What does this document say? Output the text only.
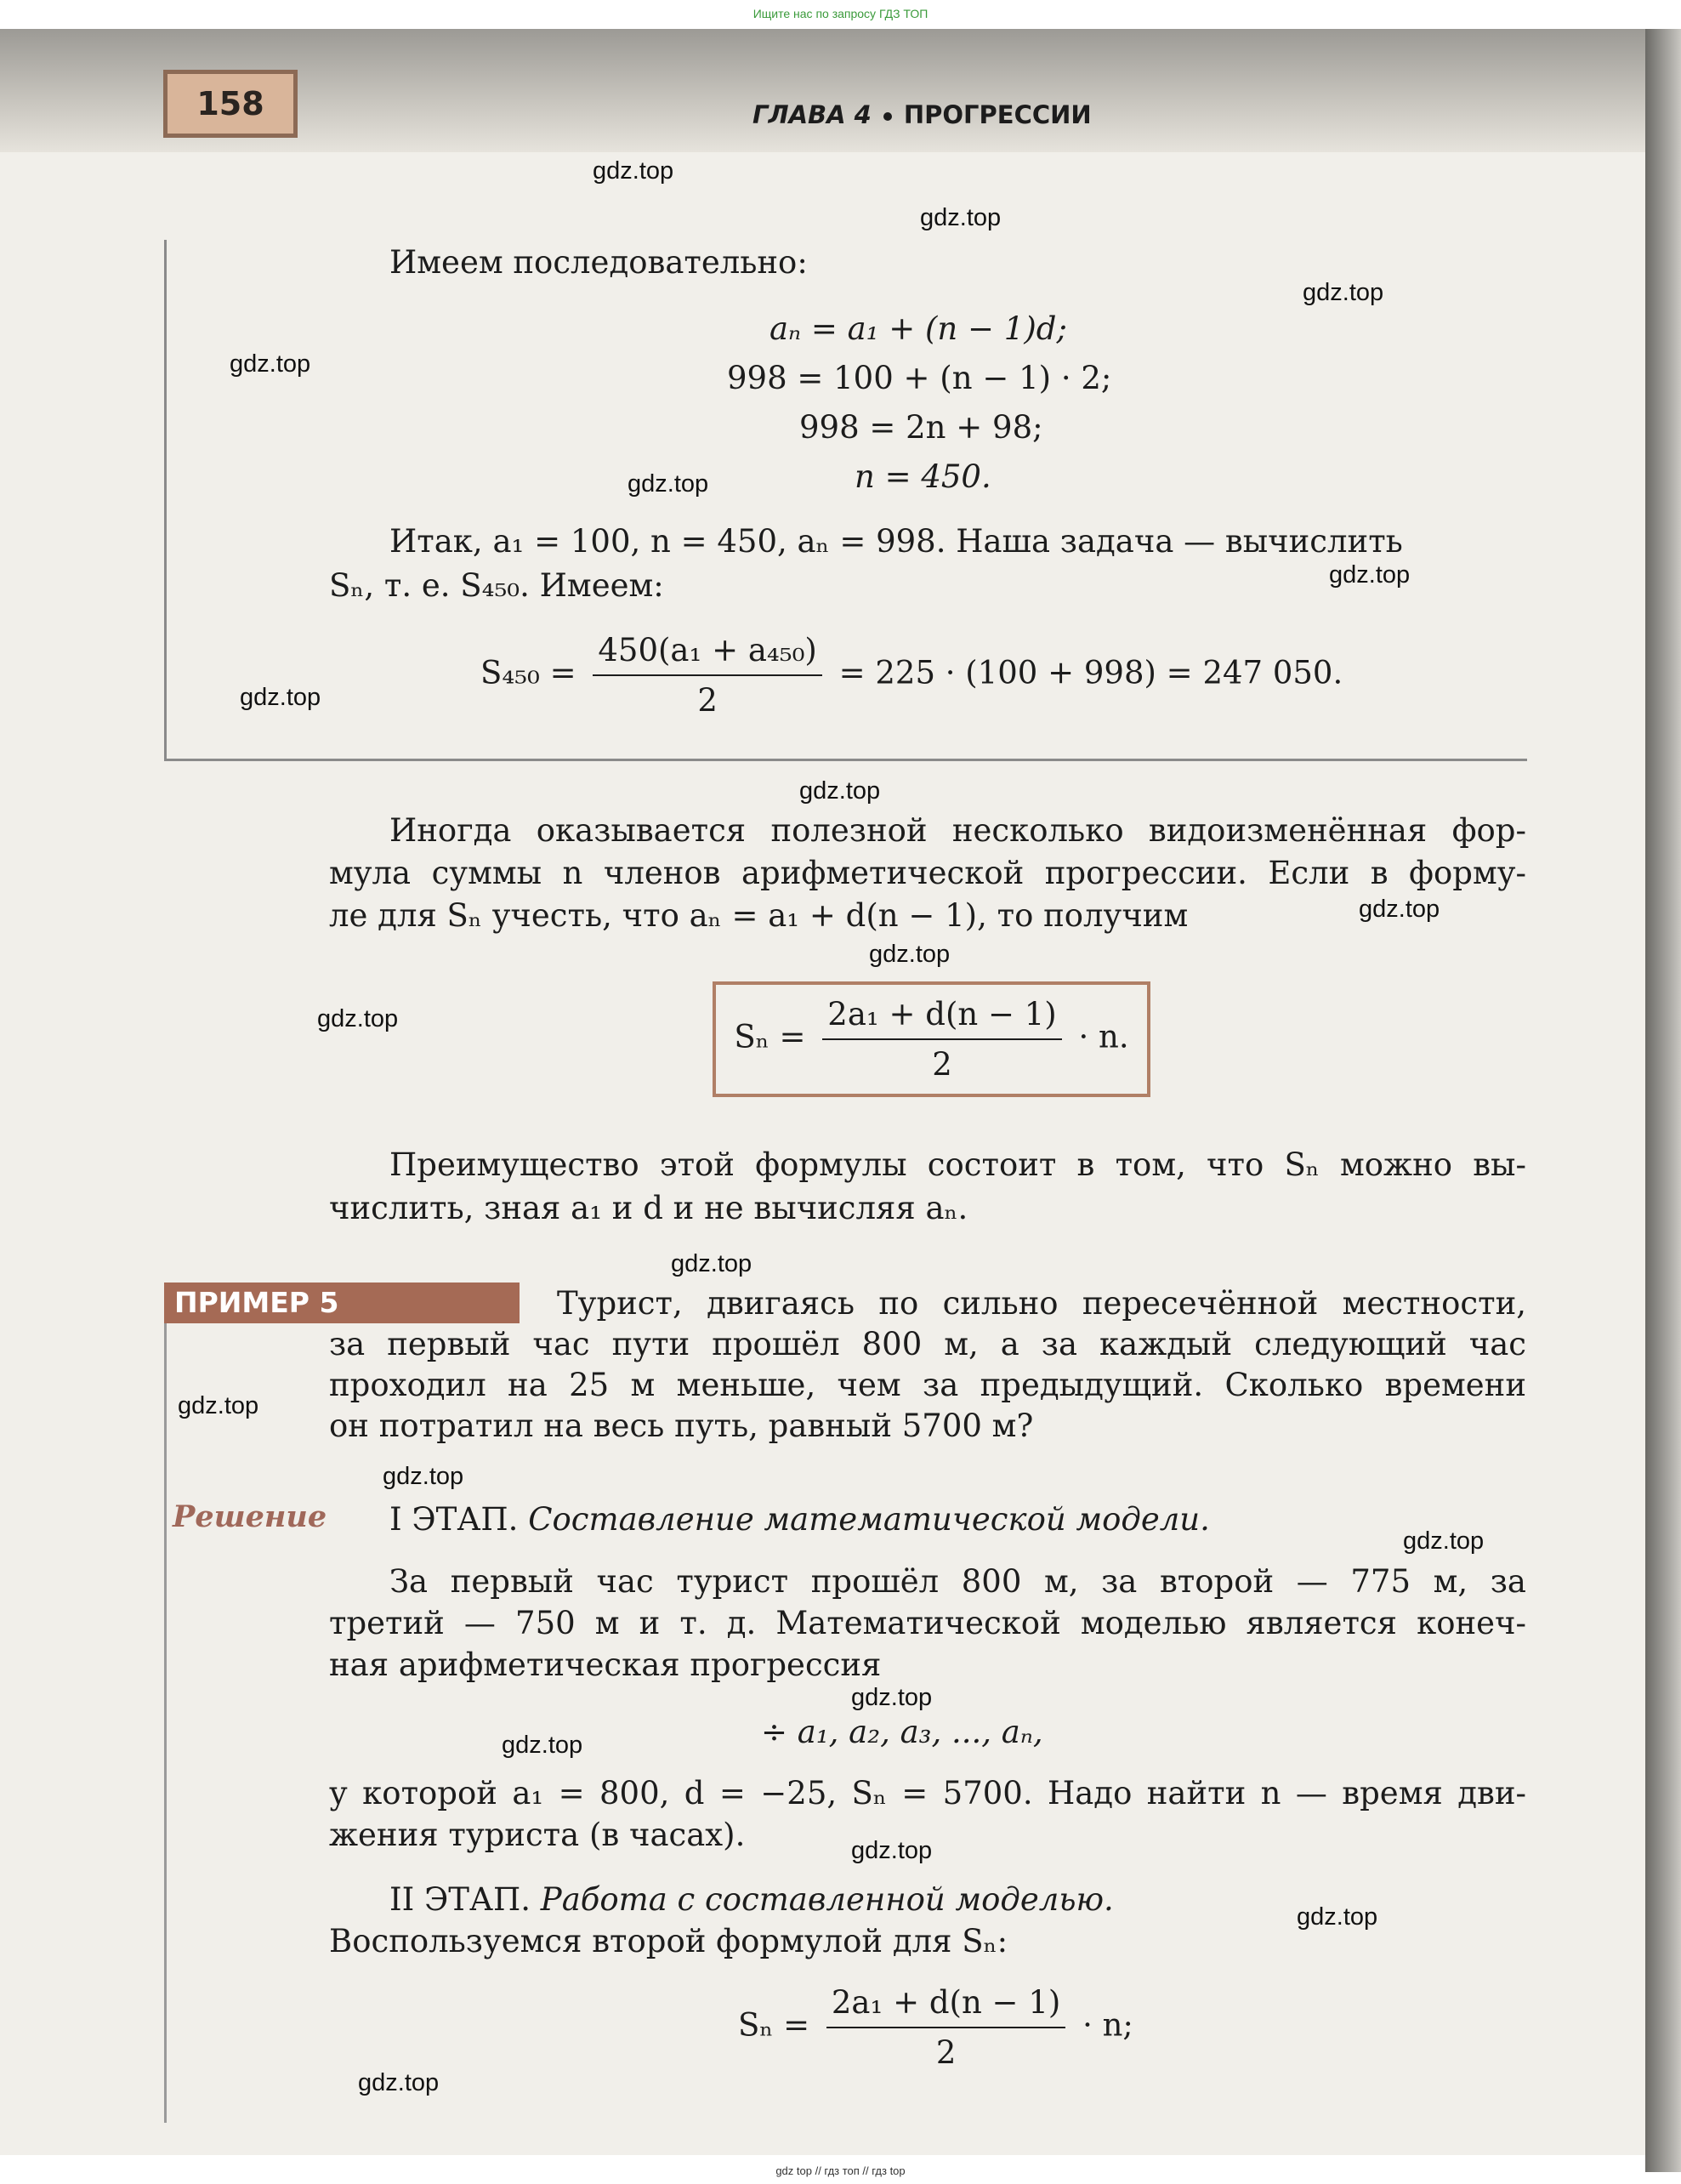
Ищите нас по запросу ГДЗ ТОП
158	ГЛАВА 4 ПРОГРЕССИИ
gdz.top
gdz.top
gdz.top
gdz.top
gdz.top
gdz.top
gdz.top
gdz.top
gdz.top
gdz.top
gdz.top
gdz.top
gdz.top
gdz.top
gdz.top
gdz.top
gdz.top
gdz.top
gdz.top
gdz.top
Имеем последовательно:
aₙ = a₁ + (n − 1)d;
998 = 100 + (n − 1) · 2;
998 = 2n + 98;
n = 450.
Итак, a₁ = 100, n = 450, aₙ = 998. Наша задача — вычислить
Sₙ, т. е. S₄₅₀. Имеем:
$S_{450} = \frac{\text{450(a₁ + a₄₅₀)}}{2} = 225 \cdot (100 + 998) = 247$ 050.
Иногда оказывается полезной несколько видоизменённая фор-
мула суммы n членов арифметической прогрессии. Если в форму-
ле для Sₙ учесть, что aₙ = a₁ + d(n − 1), то получим
$S_n = \frac{\text{2a₁ + d(n − 1)}}{2} \cdot n$.
Преимущество этой формулы состоит в том, что Sₙ можно вы-
числить, зная a₁ и d и не вычисляя aₙ.
ПРИМЕР 5	Турист, двигаясь по сильно пересечённой местности,
за первый час пути прошёл 800 м, а за каждый следующий час
проходил на 25 м меньше, чем за предыдущий. Сколько времени
он потратил на весь путь, равный 5700 м?
Решение I ЭТАП. Составление математической модели.
За первый час турист прошёл 800 м, за второй — 775 м, за
третий — 750 м и т. д. Математической моделью является конеч-
ная арифметическая прогрессия
÷ a₁, a₂, a₃, ..., aₙ,
у которой a₁ = 800, d = −25, Sₙ = 5700. Надо найти n — время дви-
жения туриста (в часах).
II ЭТАП. Работа с составленной моделью.
Воспользуемся второй формулой для Sₙ:
$S_n = \frac{\text{2a₁ + d(n − 1)}}{2} \cdot n$;
gdz top // гдз топ // гдз top
